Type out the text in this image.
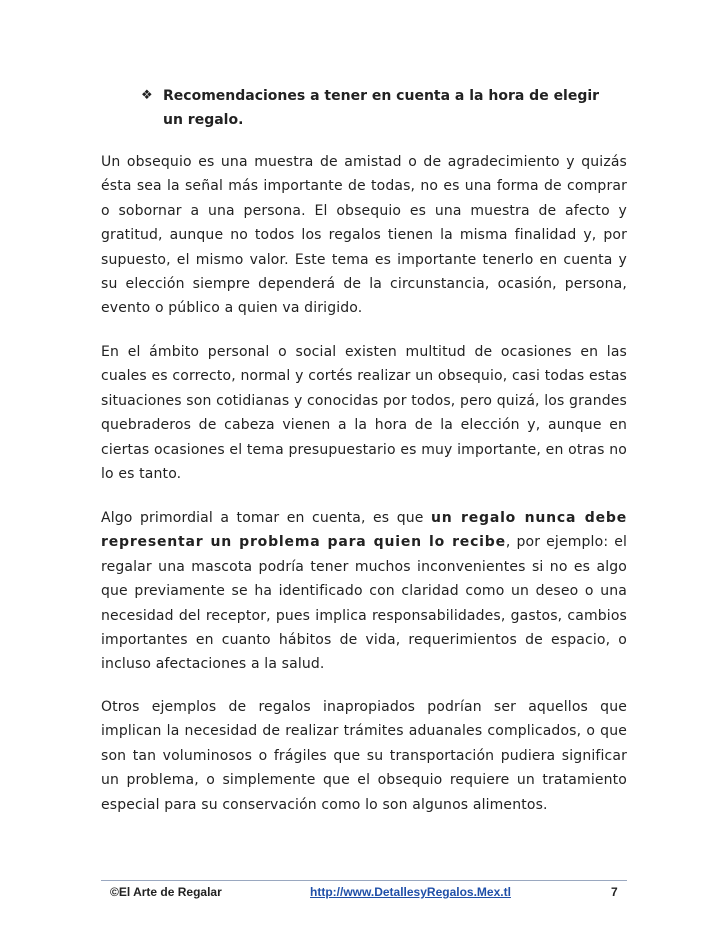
❖ Recomendaciones a tener en cuenta a la hora de elegir un regalo.

Un obsequio es una muestra de amistad o de agradecimiento y quizás ésta sea la señal más importante de todas, no es una forma de comprar o sobornar a una persona. El obsequio es una muestra de afecto y gratitud, aunque no todos los regalos tienen la misma finalidad y, por supuesto, el mismo valor. Este tema es importante tenerlo en cuenta y su elección siempre dependerá de la circunstancia, ocasión, persona, evento o público a quien va dirigido.

En el ámbito personal o social existen multitud de ocasiones en las cuales es correcto, normal y cortés realizar un obsequio, casi todas estas situaciones son cotidianas y conocidas por todos, pero quizá, los grandes quebraderos de cabeza vienen a la hora de la elección y, aunque en ciertas ocasiones el tema presupuestario es muy importante, en otras no lo es tanto.

Algo primordial a tomar en cuenta, es que un regalo nunca debe representar un problema para quien lo recibe, por ejemplo: el regalar una mascota podría tener muchos inconvenientes si no es algo que previamente se ha identificado con claridad como un deseo o una necesidad del receptor, pues implica responsabilidades, gastos, cambios importantes en cuanto hábitos de vida, requerimientos de espacio, o incluso afectaciones a la salud.

Otros ejemplos de regalos inapropiados podrían ser aquellos que implican la necesidad de realizar trámites aduanales complicados, o que son tan voluminosos o frágiles que su transportación pudiera significar un problema, o simplemente que el obsequio requiere un tratamiento especial para su conservación como lo son algunos alimentos.

©El Arte de Regalar	http://www.DetallesyRegalos.Mex.tl	7
